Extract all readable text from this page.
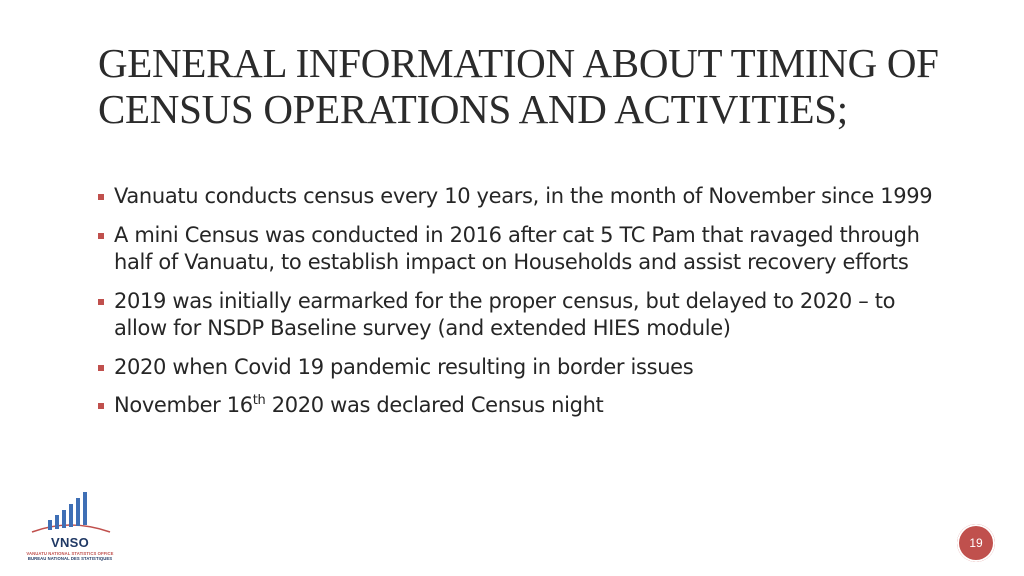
GENERAL INFORMATION ABOUT TIMING OF CENSUS OPERATIONS AND ACTIVITIES;
Vanuatu conducts census every 10 years, in the month of November since 1999
A mini Census was conducted in 2016 after cat 5 TC Pam that ravaged through half of Vanuatu, to establish impact on Households and assist recovery efforts
2019 was initially earmarked for the proper census, but delayed to 2020 – to allow for NSDP Baseline survey (and extended HIES module)
2020 when Covid 19 pandemic resulting in border issues
November 16th 2020 was declared Census night
VNSO
VANUATU NATIONAL STATISTICS OFFICE
BUREAU NATIONAL DES STATISTIQUES
19
